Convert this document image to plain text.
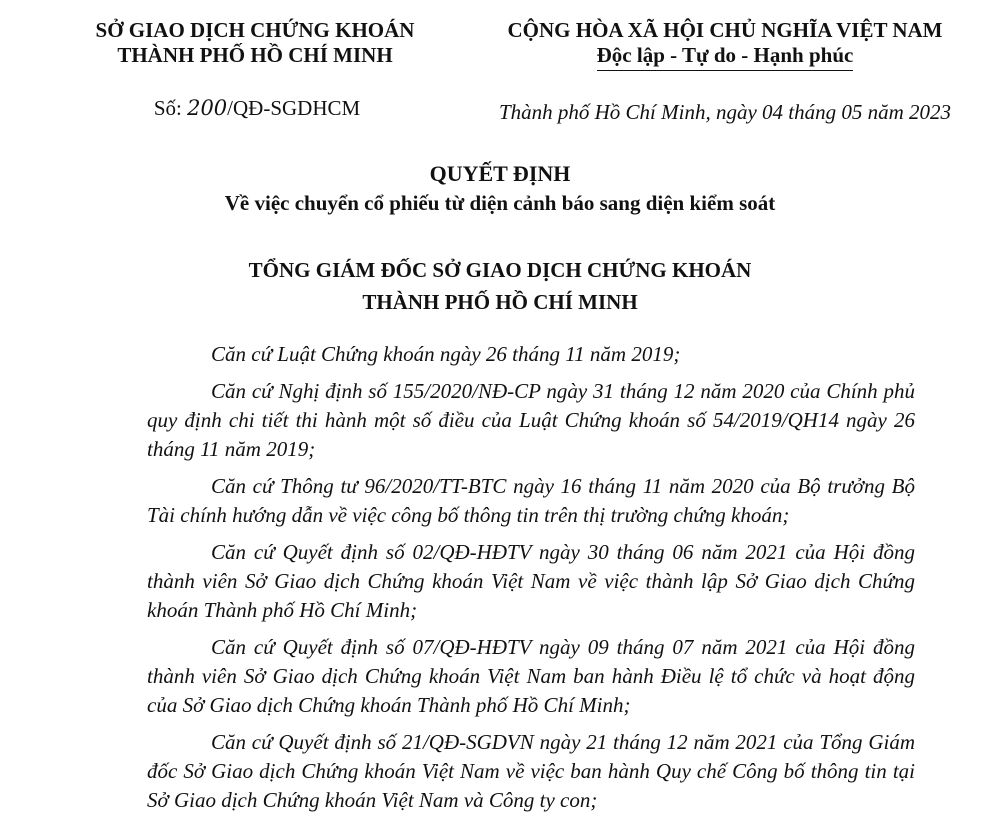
SỞ GIAO DỊCH CHỨNG KHOÁN
THÀNH PHỐ HỒ CHÍ MINH
CỘNG HÒA XÃ HỘI CHỦ NGHĨA VIỆT NAM
Độc lập - Tự do - Hạnh phúc
Số: 200/QĐ-SGDHCM	Thành phố Hồ Chí Minh, ngày 04 tháng 05 năm 2023
QUYẾT ĐỊNH
Về việc chuyển cổ phiếu từ diện cảnh báo sang diện kiểm soát
TỔNG GIÁM ĐỐC SỞ GIAO DỊCH CHỨNG KHOÁN
THÀNH PHỐ HỒ CHÍ MINH

Căn cứ Luật Chứng khoán ngày 26 tháng 11 năm 2019;

Căn cứ Nghị định số 155/2020/NĐ-CP ngày 31 tháng 12 năm 2020 của Chính phủ quy định chi tiết thi hành một số điều của Luật Chứng khoán số 54/2019/QH14 ngày 26 tháng 11 năm 2019;

Căn cứ Thông tư 96/2020/TT-BTC ngày 16 tháng 11 năm 2020 của Bộ trưởng Bộ Tài chính hướng dẫn về việc công bố thông tin trên thị trường chứng khoán;

Căn cứ Quyết định số 02/QĐ-HĐTV ngày 30 tháng 06 năm 2021 của Hội đồng thành viên Sở Giao dịch Chứng khoán Việt Nam về việc thành lập Sở Giao dịch Chứng khoán Thành phố Hồ Chí Minh;

Căn cứ Quyết định số 07/QĐ-HĐTV ngày 09 tháng 07 năm 2021 của Hội đồng thành viên Sở Giao dịch Chứng khoán Việt Nam ban hành Điều lệ tổ chức và hoạt động của Sở Giao dịch Chứng khoán Thành phố Hồ Chí Minh;

Căn cứ Quyết định số 21/QĐ-SGDVN ngày 21 tháng 12 năm 2021 của Tổng Giám đốc Sở Giao dịch Chứng khoán Việt Nam về việc ban hành Quy chế Công bố thông tin tại Sở Giao dịch Chứng khoán Việt Nam và Công ty con;
